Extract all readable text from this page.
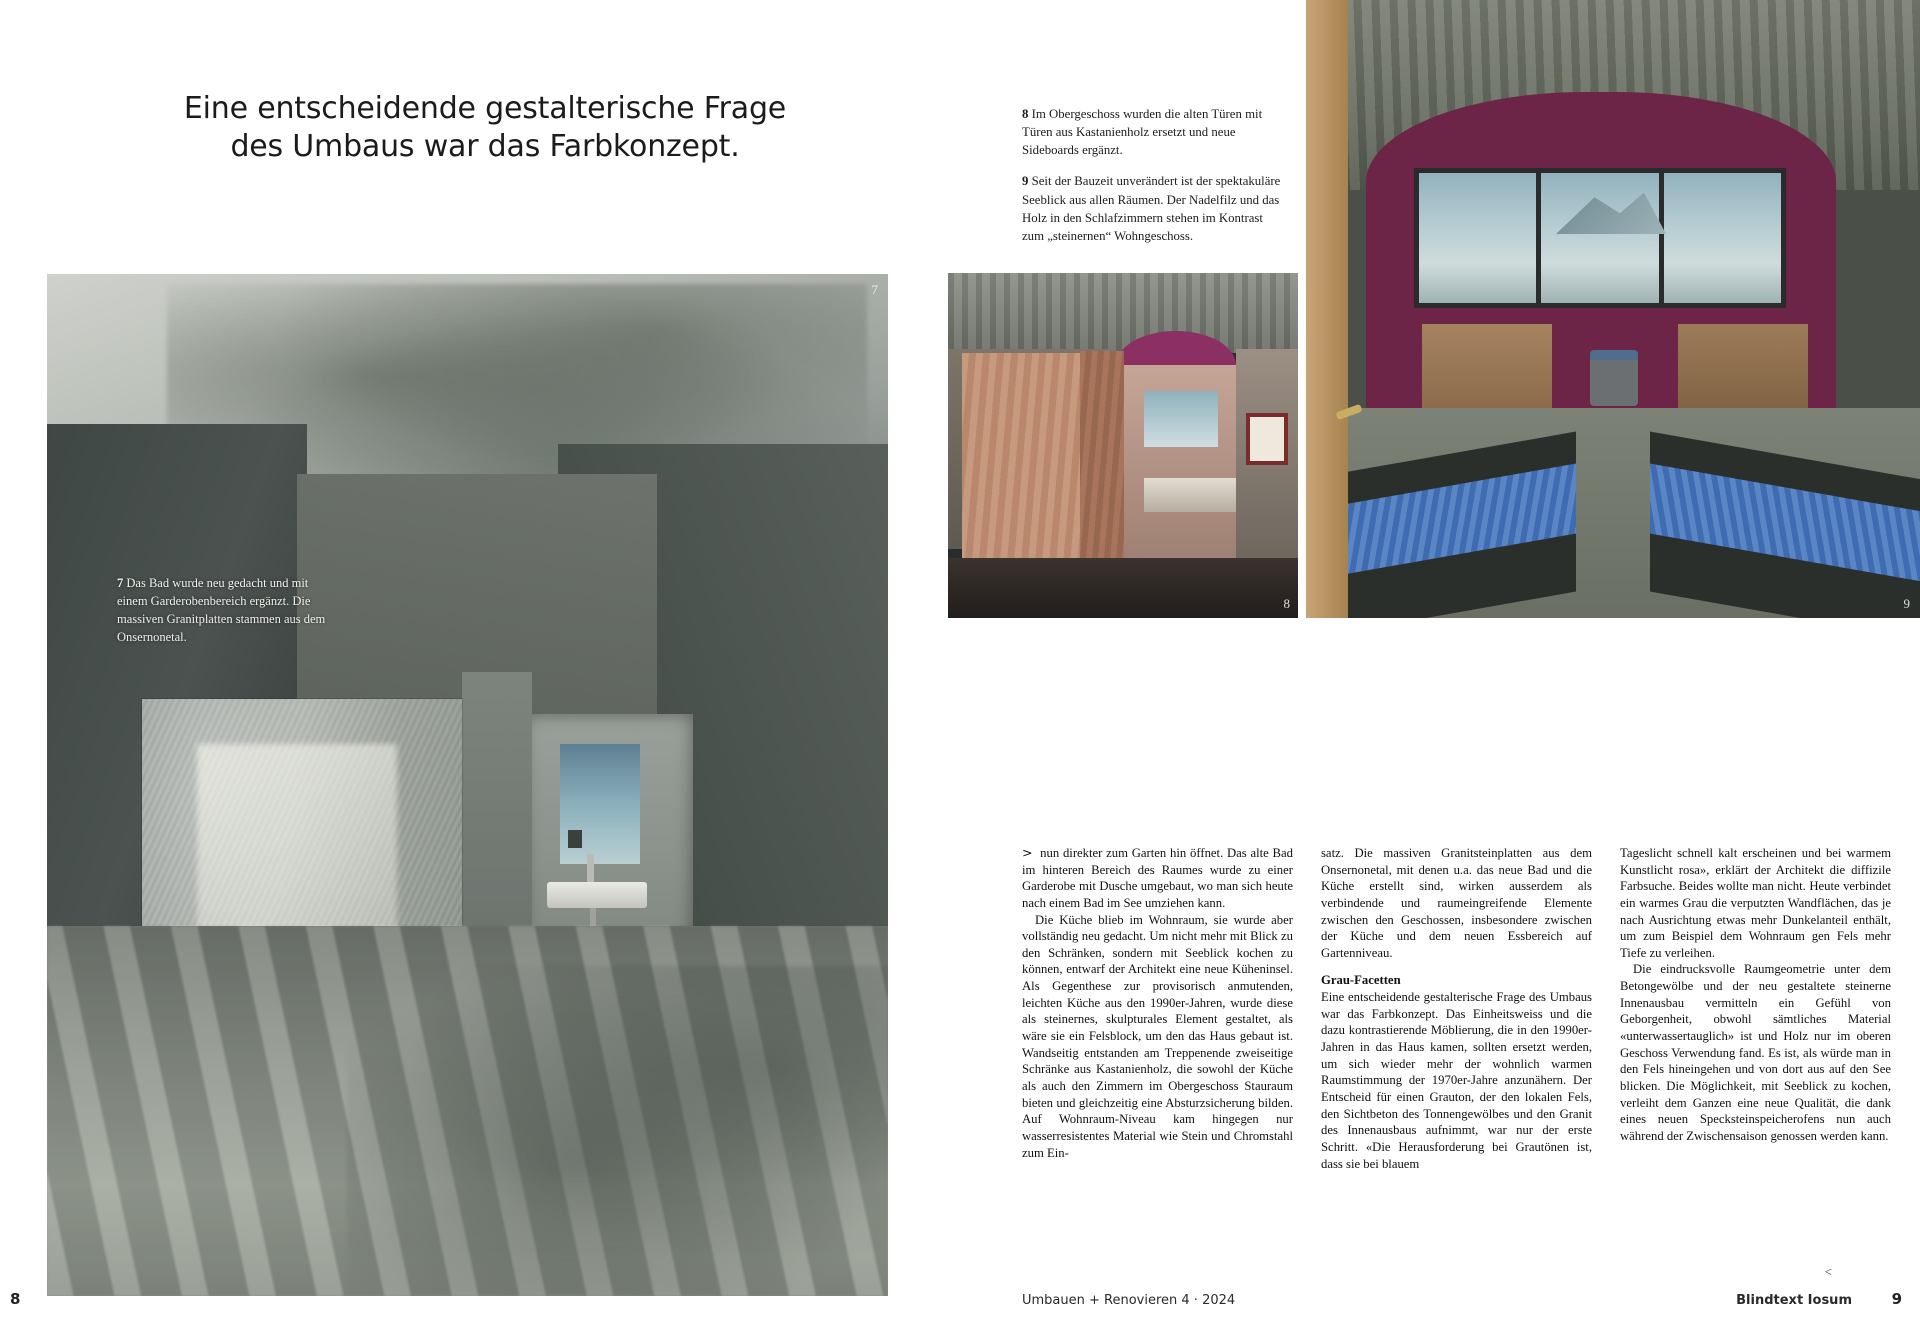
Eine entscheidende gestalterische Frage
des Umbaus war das Farbkonzept.
7 Das Bad wurde neu gedacht und mit einem Garderobenbereich ergänzt. Die massiven Granitplatten stammen aus dem Onsernonetal.
7
8

8 Im Obergeschoss wurden die alten Türen mit Türen aus Kastanienholz ersetzt und neue Sideboards ergänzt.

9 Seit der Bauzeit unverändert ist der spektakuläre Seeblick aus allen Räumen. Der Nadelfilz und das Holz in den Schlafzimmern stehen im Kontrast zum „steinernen“ Wohngeschoss.

8	9

> nun direkter zum Garten hin öffnet. Das alte Bad im hinteren Bereich des Raumes wurde zu einer Garderobe mit Dusche umgebaut, wo man sich heute nach einem Bad im See umziehen kann.

Die Küche blieb im Wohnraum, sie wurde aber vollständig neu gedacht. Um nicht mehr mit Blick zu den Schränken, sondern mit Seeblick kochen zu können, entwarf der Architekt eine neue Küheninsel. Als Gegenthese zur provisorisch anmutenden, leichten Küche aus den 1990er-Jahren, wurde diese als steinernes, skulpturales Element gestaltet, als wäre sie ein Felsblock, um den das Haus gebaut ist. Wandseitig entstanden am Treppenende zweiseitige Schränke aus Kastanienholz, die sowohl der Küche als auch den Zimmern im Obergeschoss Stauraum bieten und gleichzeitig eine Absturzsicherung bilden. Auf Wohnraum-Niveau kam hingegen nur wasserresistentes Material wie Stein und Chromstahl zum Ein-

satz. Die massiven Granitsteinplatten aus dem Onsernonetal, mit denen u.a. das neue Bad und die Küche erstellt sind, wirken ausserdem als verbindende und raumeingreifende Elemente zwischen den Geschossen, insbesondere zwischen der Küche und dem neuen Essbereich auf Gartenniveau.

Grau-Facetten

Eine entscheidende gestalterische Frage des Umbaus war das Farbkonzept. Das Einheitsweiss und die dazu kontrastierende Möblierung, die in den 1990er-Jahren in das Haus kamen, sollten ersetzt werden, um sich wieder mehr der wohnlich warmen Raumstimmung der 1970er-Jahre anzunähern. Der Entscheid für einen Grauton, der den lokalen Fels, den Sichtbeton des Tonnengewölbes und den Granit des Innenausbaus aufnimmt, war nur der erste Schritt. «Die Herausforderung bei Grautönen ist, dass sie bei blauem

Tageslicht schnell kalt erscheinen und bei warmem Kunstlicht rosa», erklärt der Architekt die diffizile Farbsuche. Beides wollte man nicht. Heute verbindet ein warmes Grau die verputzten Wandflächen, das je nach Ausrichtung etwas mehr Dunkelanteil enthält, um zum Beispiel dem Wohnraum gen Fels mehr Tiefe zu verleihen.

Die eindrucksvolle Raumgeometrie unter dem Betongewölbe und der neu gestaltete steinerne Innenausbau vermitteln ein Gefühl von Geborgenheit, obwohl sämtliches Material «unterwassertauglich» ist und Holz nur im oberen Geschoss Verwendung fand. Es ist, als würde man in den Fels hineingehen und von dort aus auf den See blicken. Die Möglichkeit, mit Seeblick zu kochen, verleiht dem Ganzen eine neue Qualität, die dank eines neuen Specksteinspeicherofens nun auch während der Zwischensaison genossen werden kann.

<
Umbauen + Renovieren 4 · 2024	Blindtext Iosum	9
